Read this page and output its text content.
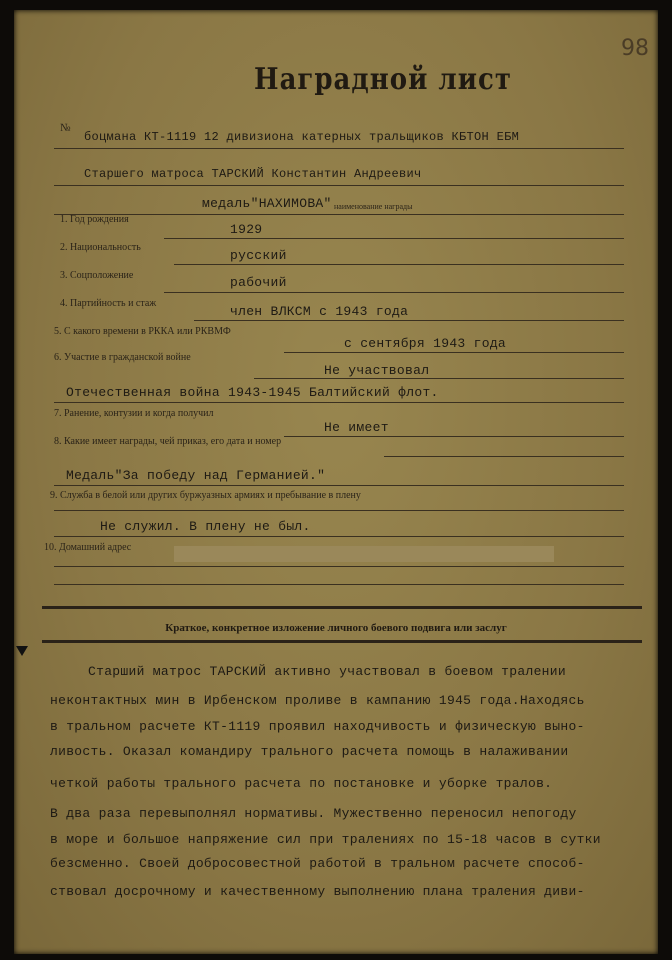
98
Наградной лист
№
боцмана КТ-1119 12 дивизиона катерных тральщиков КБТОН ЕБМ
Старшего матроса ТАРСКИЙ Константин Андреевич
медаль"НАХИМОВА" наименование награды
1. Год рождения
1929
2. Национальность
русский
3. Соцположение	рабочий
4. Партийность и стаж
член ВЛКСМ с 1943 года
5. С какого времени в РККА или РКВМФ
с сентября 1943 года
6. Участие в гражданской войне
Не участвовал
Отечественная война 1943-1945 Балтийский флот.
7. Ранение, контузии и когда получил
Не имеет
8. Какие имеет награды, чей приказ, его дата и номер
Медаль"За победу над Германией."
9. Служба в белой или других буржуазных армиях и пребывание в плену
Не служил. В плену не был.
10. Домашний адрес
Краткое, конкретное изложение личного боевого подвига или заслуг
Старший матрос ТАРСКИЙ активно участвовал в боевом тралении
неконтактных мин в Ирбенском проливе в кампанию 1945 года.Находясь
в тральном расчете КТ-1119 проявил находчивость и физическую выно-
ливость. Оказал командиру трального расчета помощь в налаживании
четкой работы трального расчета по постановке и уборке тралов.
В два раза перевыполнял нормативы. Мужественно переносил непогоду
в море и большое напряжение сил при тралениях по 15-18 часов в сутки
безсменно. Своей добросовестной работой в тральном расчете способ-
ствовал досрочному и качественному выполнению плана траления диви-
